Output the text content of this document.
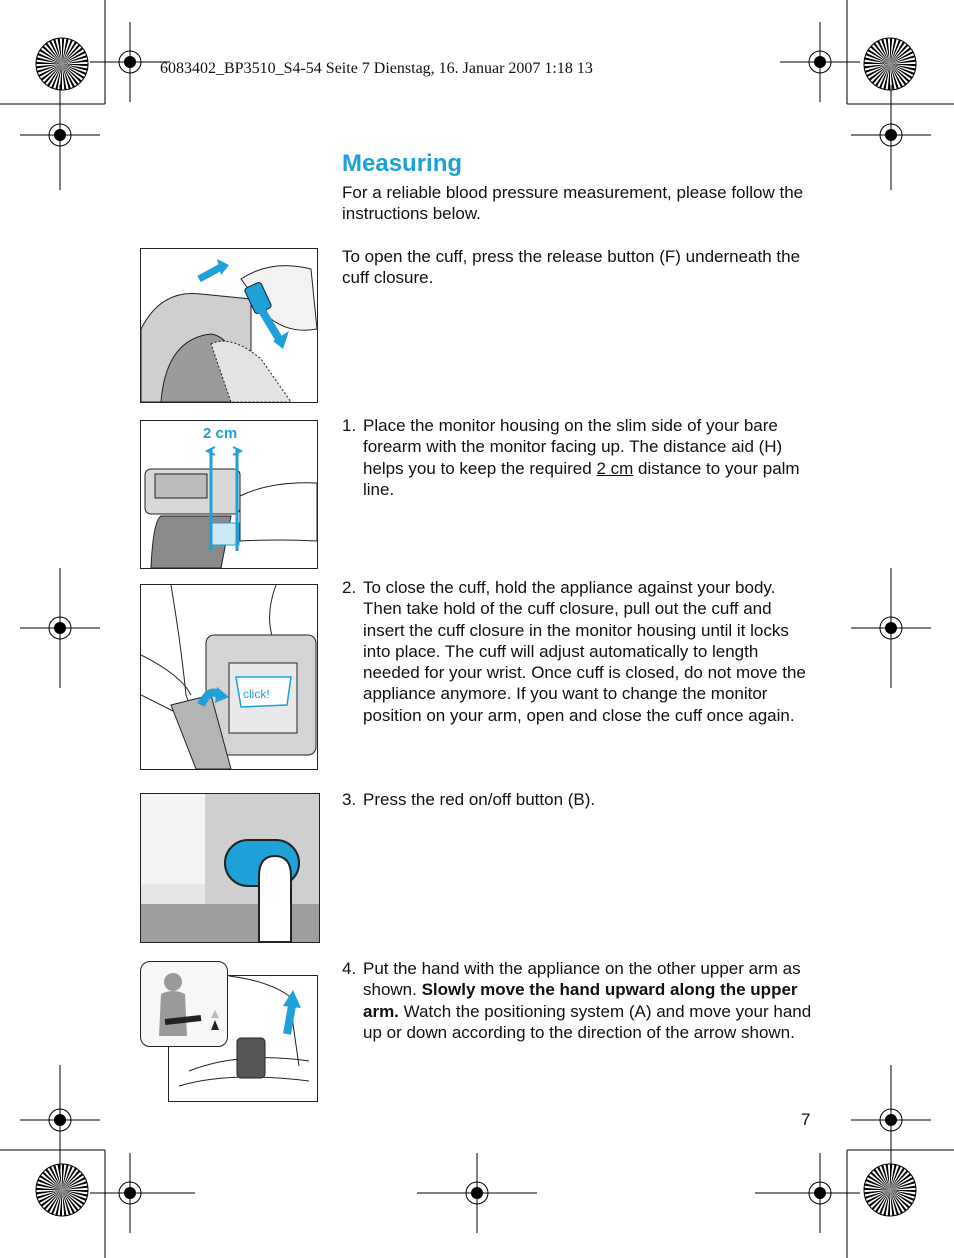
6083402_BP3510_S4-54 Seite 7 Dienstag, 16. Januar 2007 1:18 13
Measuring
For a reliable blood pressure measurement, please follow the instructions below.
To open the cuff, press the release button (F) underneath the cuff closure.
2 cm
click!
1. Place the monitor housing on the slim side of your bare forearm with the monitor facing up. The distance aid (H) helps you to keep the required 2 cm distance to your palm line.
2. To close the cuff, hold the appliance against your body. Then take hold of the cuff closure, pull out the cuff and insert the cuff closure in the monitor housing until it locks into place. The cuff will adjust automatically to length needed for your wrist. Once cuff is closed, do not move the appliance anymore. If you want to change the monitor position on your arm, open and close the cuff once again.
3. Press the red on/off button (B).
4. Put the hand with the appliance on the other upper arm as shown. Slowly move the hand upward along the upper arm. Watch the positioning system (A) and move your hand up or down according to the direction of the arrow shown.
7
